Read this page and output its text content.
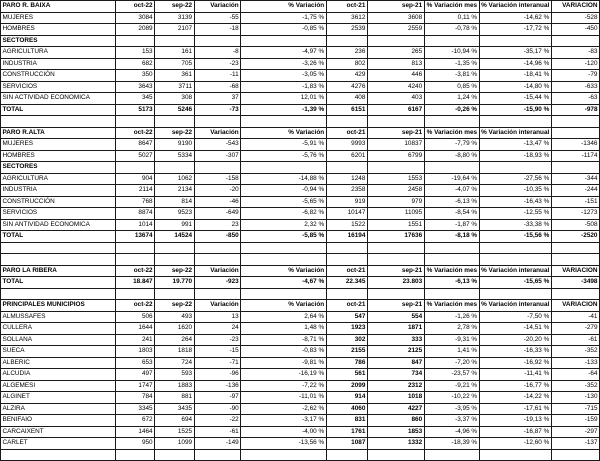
PARO R. BAIXA	oct-22	sep-22	Variación	% Variación	oct-21	sep-21	% Variación mes	% Variación interanual	VARIACION
MUJERES	3084	3139	-55	-1,75 %	3612	3608	0,11 %	-14,62 %	-528
HOMBRES	2089	2107	-18	-0,85 %	2539	2559	-0,78 %	-17,72 %	-450
SECTORES									
AGRICULTURA	153	161	-8	-4,97 %	236	265	-10,94 %	-35,17 %	-83
INDUSTRIA	682	705	-23	-3,26 %	802	813	-1,35 %	-14,96 %	-120
CONSTRUCCIÓN	350	361	-11	-3,05 %	429	446	-3,81 %	-18,41 %	-79
SERVICIOS	3643	3711	-68	-1,83 %	4276	4240	0,85 %	-14,80 %	-633
SIN ACTIVIDAD ECONOMICA	345	308	37	12,01 %	408	403	1,24 %	-15,44 %	-63
TOTAL	5173	5246	-73	-1,39 %	6151	6167	-0,26 %	-15,90 %	-978

PARO R.ALTA	oct-22	sep-22	Variación	% Variación	oct-21	sep-21	% Variación mes	% Variación interanual	
MUJERES	8647	9190	-543	-5,91 %	9993	10837	-7,79 %	-13,47 %	-1346
HOMBRES	5027	5334	-307	-5,76 %	6201	6799	-8,80 %	-18,93 %	-1174
SECTORES									
AGRICULTURA	904	1062	-158	-14,88 %	1248	1553	-19,64 %	-27,56 %	-344
INDUSTRIA	2114	2134	-20	-0,94 %	2358	2458	-4,07 %	-10,35 %	-244
CONSTRUCCIÓN	768	814	-46	-5,65 %	919	979	-6,13 %	-16,43 %	-151
SERVICIOS	8874	9523	-649	-6,82 %	10147	11095	-8,54 %	-12,55 %	-1273
SIN ANTIVIDAD ECONOMICA	1014	991	23	2,32 %	1522	1551	-1,87 %	-33,38 %	-508
TOTAL	13674	14524	-850	-5,85 %	16194	17636	-8,18 %	-15,56 %	-2520

PARO LA RIBERA	oct-22	sep-22	Variación	% Variación	oct-21	sep-21	% Variación mes	% Variación interanual	VARIACION
TOTAL	18.847	19.770	-923	-4,67 %	22.345	23.803	-6,13 %	-15,65 %	-3498

PRINCIPALES MUNICIPIOS	oct-22	sep-22	Variación	% Variación	oct-21	sep-21	% Variación mes	% Variación interanual	VARIACION
ALMUSSAFES	506	493	13	2,64 %	547	554	-1,26 %	-7,50 %	-41
CULLERA	1644	1620	24	1,48 %	1923	1871	2,78 %	-14,51 %	-279
SOLLANA	241	264	-23	-8,71 %	302	333	-9,31 %	-20,20 %	-61
SUECA	1803	1818	-15	-0,83 %	2155	2125	1,41 %	-16,33 %	-352
ALBERIC	653	724	-71	-9,81 %	786	847	-7,20 %	-16,92 %	-133
ALCUDIA	497	593	-96	-16,19 %	561	734	-23,57 %	-11,41 %	-64
ALGEMESI	1747	1883	-136	-7,22 %	2099	2312	-9,21 %	-16,77 %	-352
ALGINET	784	881	-97	-11,01 %	914	1018	-10,22 %	-14,22 %	-130
ALZIRA	3345	3435	-90	-2,62 %	4060	4227	-3,95 %	-17,61 %	-715
BENIFAIO	672	694	-22	-3,17 %	831	860	-3,37 %	-19,13 %	-159
CARCAIXENT	1464	1525	-61	-4,00 %	1761	1853	-4,96 %	-16,87 %	-297
CARLET	950	1099	-149	-13,56 %	1087	1332	-18,39 %	-12,60 %	-137
